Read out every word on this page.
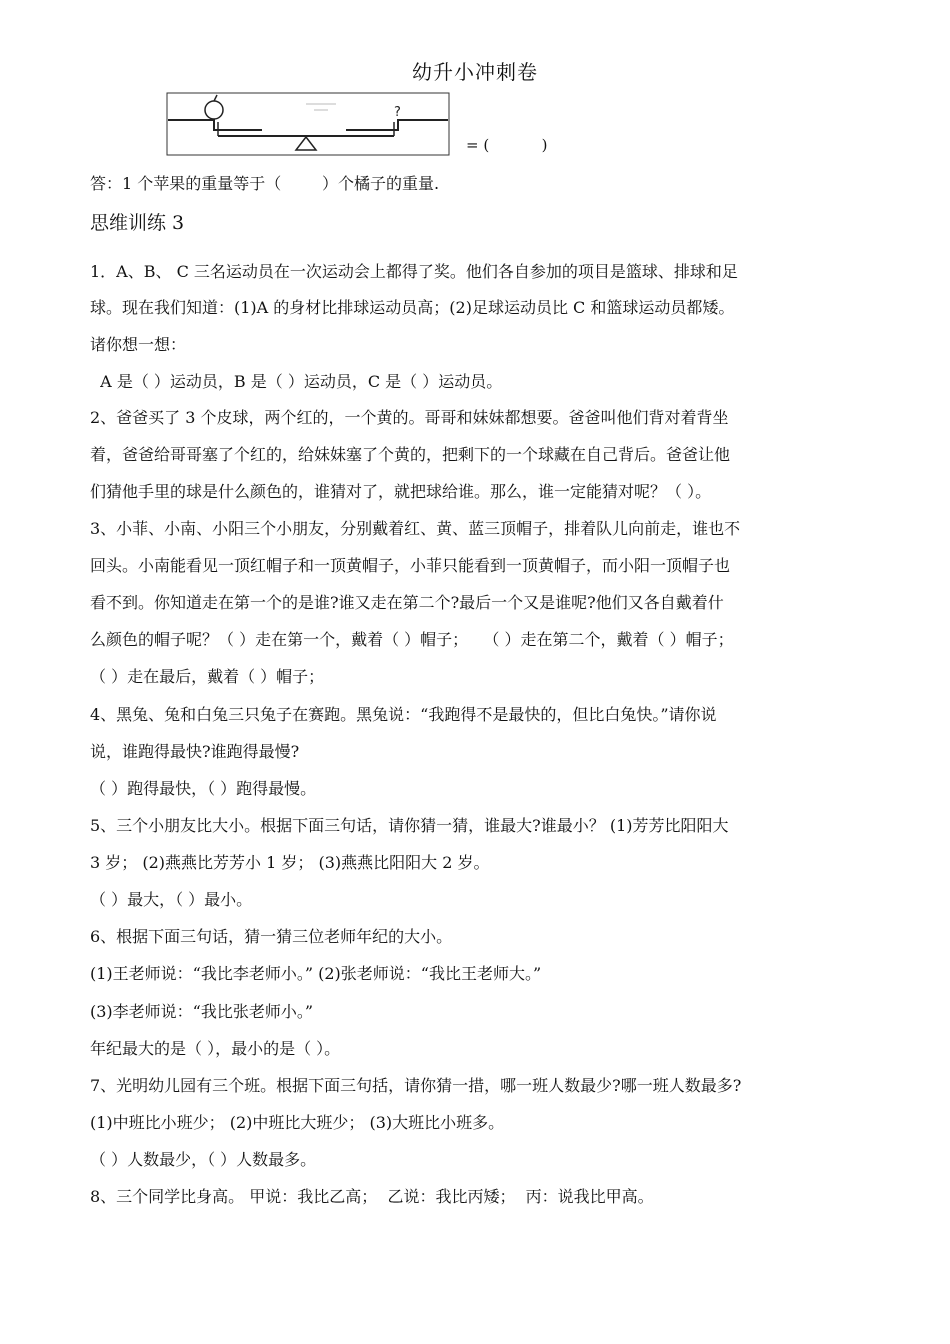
幼升小冲刺卷
?
= (           )
答：1 个苹果的重量等于（        ）个橘子的重量.
思维训练 3
1．A、B、 C 三名运动员在一次运动会上都得了奖。他们各自参加的项目是篮球、排球和足
球。现在我们知道：(1)A 的身材比排球运动员高；(2)足球运动员比 C 和篮球运动员都矮。
诸你想一想：
A 是（ ）运动员，B 是（ ）运动员，C 是（ ）运动员。
2、爸爸买了 3 个皮球，两个红的，一个黄的。哥哥和妹妹都想要。爸爸叫他们背对着背坐
着，爸爸给哥哥塞了个红的，给妹妹塞了个黄的，把剩下的一个球藏在自己背后。爸爸让他
们猜他手里的球是什么颜色的，谁猜对了，就把球给谁。那么，谁一定能猜对呢？（ ）。
3、小菲、小南、小阳三个小朋友，分别戴着红、黄、蓝三顶帽子，排着队儿向前走，谁也不
回头。小南能看见一顶红帽子和一顶黄帽子，小菲只能看到一顶黄帽子，而小阳一顶帽子也
看不到。你知道走在第一个的是谁?谁又走在第二个?最后一个又是谁呢?他们又各自戴着什
么颜色的帽子呢？（ ）走在第一个，戴着（ ）帽子；   （ ）走在第二个，戴着（ ）帽子；
（ ）走在最后，戴着（ ）帽子；
4、黑兔、兔和白兔三只兔子在赛跑。黑兔说：“我跑得不是最快的，但比白兔快。”请你说
说，谁跑得最快?谁跑得最慢?
（ ）跑得最快，（ ）跑得最慢。
5、三个小朋友比大小。根据下面三句话，请你猜一猜，谁最大?谁最小？ (1)芳芳比阳阳大
3 岁； (2)燕燕比芳芳小 1 岁； (3)燕燕比阳阳大 2 岁。
（ ）最大，（ ）最小。
6、根据下面三句话，猜一猜三位老师年纪的大小。
(1)王老师说：“我比李老师小。” (2)张老师说：“我比王老师大。”
(3)李老师说：“我比张老师小。”
年纪最大的是（ ），最小的是（ ）。
7、光明幼儿园有三个班。根据下面三句括，请你猜一措，哪一班人数最少?哪一班人数最多?
(1)中班比小班少； (2)中班比大班少； (3)大班比小班多。
（ ）人数最少，（ ）人数最多。
8、三个同学比身高。 甲说：我比乙高；  乙说：我比丙矮；  丙：说我比甲高。
